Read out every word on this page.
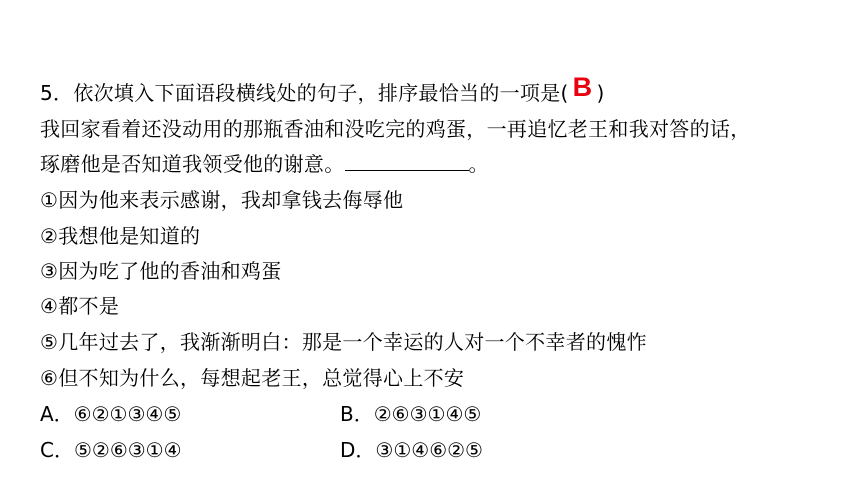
5．依次填入下面语段横线处的句子，排序最恰当的一项是( B )
我回家看着还没动用的那瓶香油和没吃完的鸡蛋，一再追忆老王和我对答的话，
琢磨他是否知道我领受他的谢意。	。
①因为他来表示感谢，我却拿钱去侮辱他
②我想他是知道的
③因为吃了他的香油和鸡蛋
④都不是
⑤几年过去了，我渐渐明白：那是一个幸运的人对一个不幸者的愧怍
⑥但不知为什么，每想起老王，总觉得心上不安
A．⑥②①③④⑤	B．②⑥③①④⑤
C．⑤②⑥③①④	D．③①④⑥②⑤
